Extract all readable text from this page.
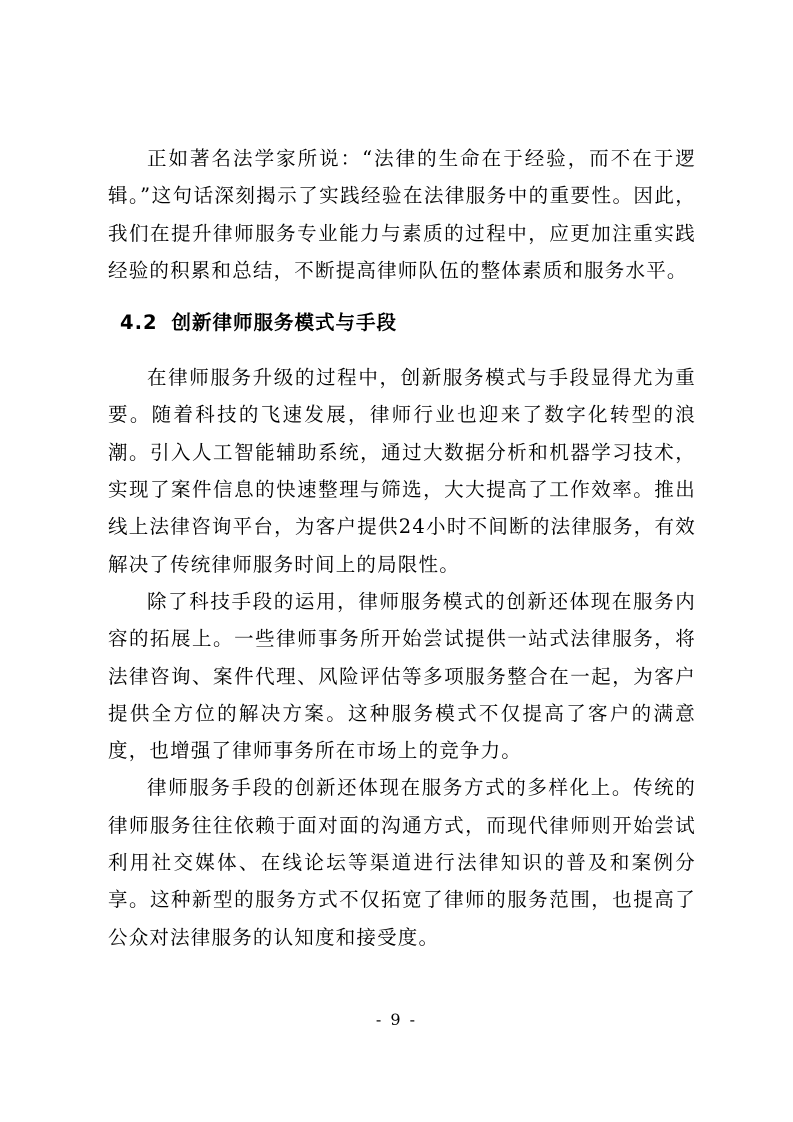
正如著名法学家所说：“法律的生命在于经验，而不在于逻辑。”这句话深刻揭示了实践经验在法律服务中的重要性。因此，我们在提升律师服务专业能力与素质的过程中，应更加注重实践经验的积累和总结，不断提高律师队伍的整体素质和服务水平。

4.2 创新律师服务模式与手段

在律师服务升级的过程中，创新服务模式与手段显得尤为重要。随着科技的飞速发展，律师行业也迎来了数字化转型的浪潮。引入人工智能辅助系统，通过大数据分析和机器学习技术，实现了案件信息的快速整理与筛选，大大提高了工作效率。推出线上法律咨询平台，为客户提供24小时不间断的法律服务，有效解决了传统律师服务时间上的局限性。

除了科技手段的运用，律师服务模式的创新还体现在服务内容的拓展上。一些律师事务所开始尝试提供一站式法律服务，将法律咨询、案件代理、风险评估等多项服务整合在一起，为客户提供全方位的解决方案。这种服务模式不仅提高了客户的满意度，也增强了律师事务所在市场上的竞争力。

律师服务手段的创新还体现在服务方式的多样化上。传统的律师服务往往依赖于面对面的沟通方式，而现代律师则开始尝试利用社交媒体、在线论坛等渠道进行法律知识的普及和案例分享。这种新型的服务方式不仅拓宽了律师的服务范围，也提高了公众对法律服务的认知度和接受度。

- 9 -
